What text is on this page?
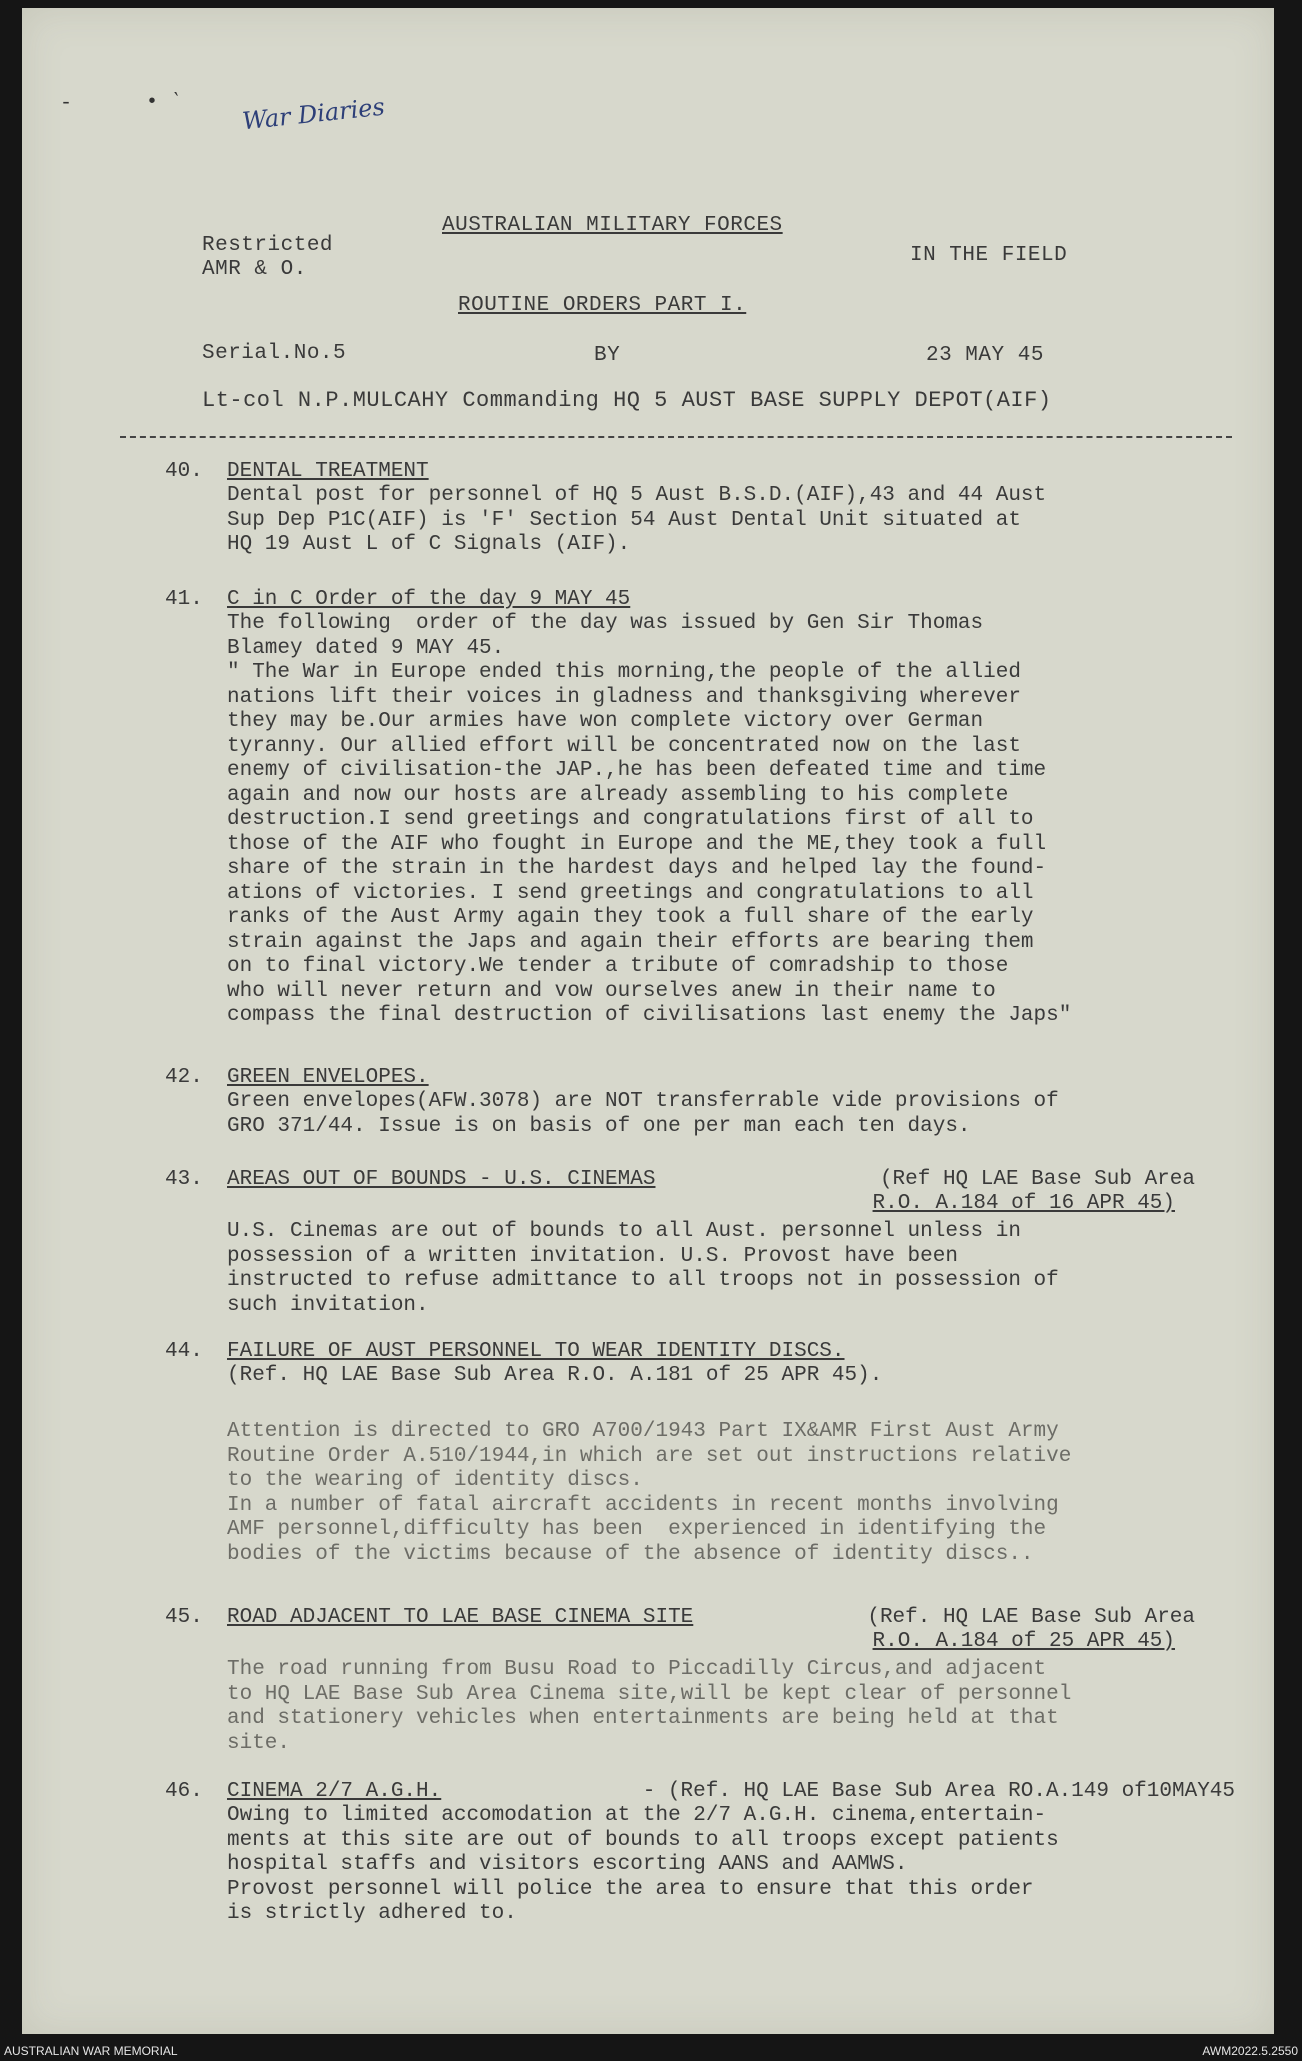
-	• ‵ War Diaries
AUSTRALIAN MILITARY FORCES
Restricted
AMR & O.
IN THE FIELD
ROUTINE ORDERS PART I.
Serial.No.5	BY	23 MAY 45
Lt-col N.P.MULCAHY Commanding HQ 5 AUST BASE SUPPLY DEPOT(AIF)
40. DENTAL TREATMENT
Dental post for personnel of HQ 5 Aust B.S.D.(AIF),43 and 44 Aust
Sup Dep P1C(AIF) is 'F' Section 54 Aust Dental Unit situated at
HQ 19 Aust L of C Signals (AIF).
41. C in C Order of the day 9 MAY 45
The following  order of the day was issued by Gen Sir Thomas
Blamey dated 9 MAY 45.
" The War in Europe ended this morning,the people of the allied
nations lift their voices in gladness and thanksgiving wherever
they may be.Our armies have won complete victory over German
tyranny. Our allied effort will be concentrated now on the last
enemy of civilisation-the JAP.,he has been defeated time and time
again and now our hosts are already assembling to his complete
destruction.I send greetings and congratulations first of all to
those of the AIF who fought in Europe and the ME,they took a full
share of the strain in the hardest days and helped lay the found-
ations of victories. I send greetings and congratulations to all
ranks of the Aust Army again they took a full share of the early
strain against the Japs and again their efforts are bearing them
on to final victory.We tender a tribute of comradship to those
who will never return and vow ourselves anew in their name to
compass the final destruction of civilisations last enemy the Japs"
42. GREEN ENVELOPES.
Green envelopes(AFW.3078) are NOT transferrable vide provisions of
GRO 371/44. Issue is on basis of one per man each ten days.
43. AREAS OUT OF BOUNDS - U.S. CINEMAS	(Ref HQ LAE Base Sub Area
R.O. A.184 of 16 APR 45)
U.S. Cinemas are out of bounds to all Aust. personnel unless in
possession of a written invitation. U.S. Provost have been
instructed to refuse admittance to all troops not in possession of
such invitation.
44. FAILURE OF AUST PERSONNEL TO WEAR IDENTITY DISCS.
(Ref. HQ LAE Base Sub Area R.O. A.181 of 25 APR 45).
Attention is directed to GRO A700/1943 Part IX&AMR First Aust Army
Routine Order A.510/1944,in which are set out instructions relative
to the wearing of identity discs.
In a number of fatal aircraft accidents in recent months involving
AMF personnel,difficulty has been  experienced in identifying the
bodies of the victims because of the absence of identity discs..
45. ROAD ADJACENT TO LAE BASE CINEMA SITE	(Ref. HQ LAE Base Sub Area
R.O. A.184 of 25 APR 45)
The road running from Busu Road to Piccadilly Circus,and adjacent
to HQ LAE Base Sub Area Cinema site,will be kept clear of personnel
and stationery vehicles when entertainments are being held at that
site.
46. CINEMA 2/7 A.G.H.	- (Ref. HQ LAE Base Sub Area RO.A.149 of10MAY45
Owing to limited accomodation at the 2/7 A.G.H. cinema,entertain-
ments at this site are out of bounds to all troops except patients
hospital staffs and visitors escorting AANS and AAMWS.
Provost personnel will police the area to ensure that this order
is strictly adhered to.
AUSTRALIAN WAR MEMORIAL	AWM2022.5.2550
